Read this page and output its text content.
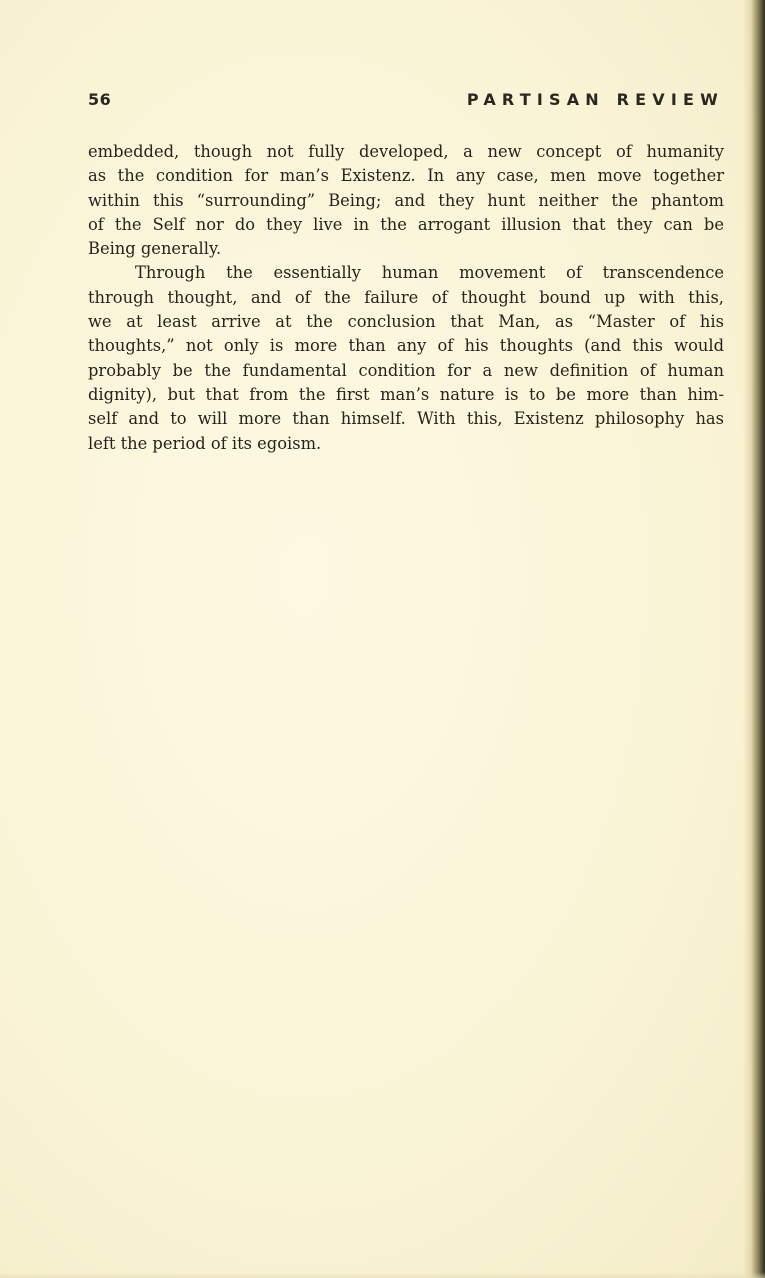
56	PARTISAN REVIEW
embedded, though not fully developed, a new concept of humanity
as the condition for man’s Existenz. In any case, men move together
within this “surrounding” Being; and they hunt neither the phantom
of the Self nor do they live in the arrogant illusion that they can be
Being generally.
Through the essentially human movement of transcendence
through thought, and of the failure of thought bound up with this,
we at least arrive at the conclusion that Man, as “Master of his
thoughts,” not only is more than any of his thoughts (and this would
probably be the fundamental condition for a new definition of human
dignity), but that from the first man’s nature is to be more than him-
self and to will more than himself. With this, Existenz philosophy has
left the period of its egoism.
